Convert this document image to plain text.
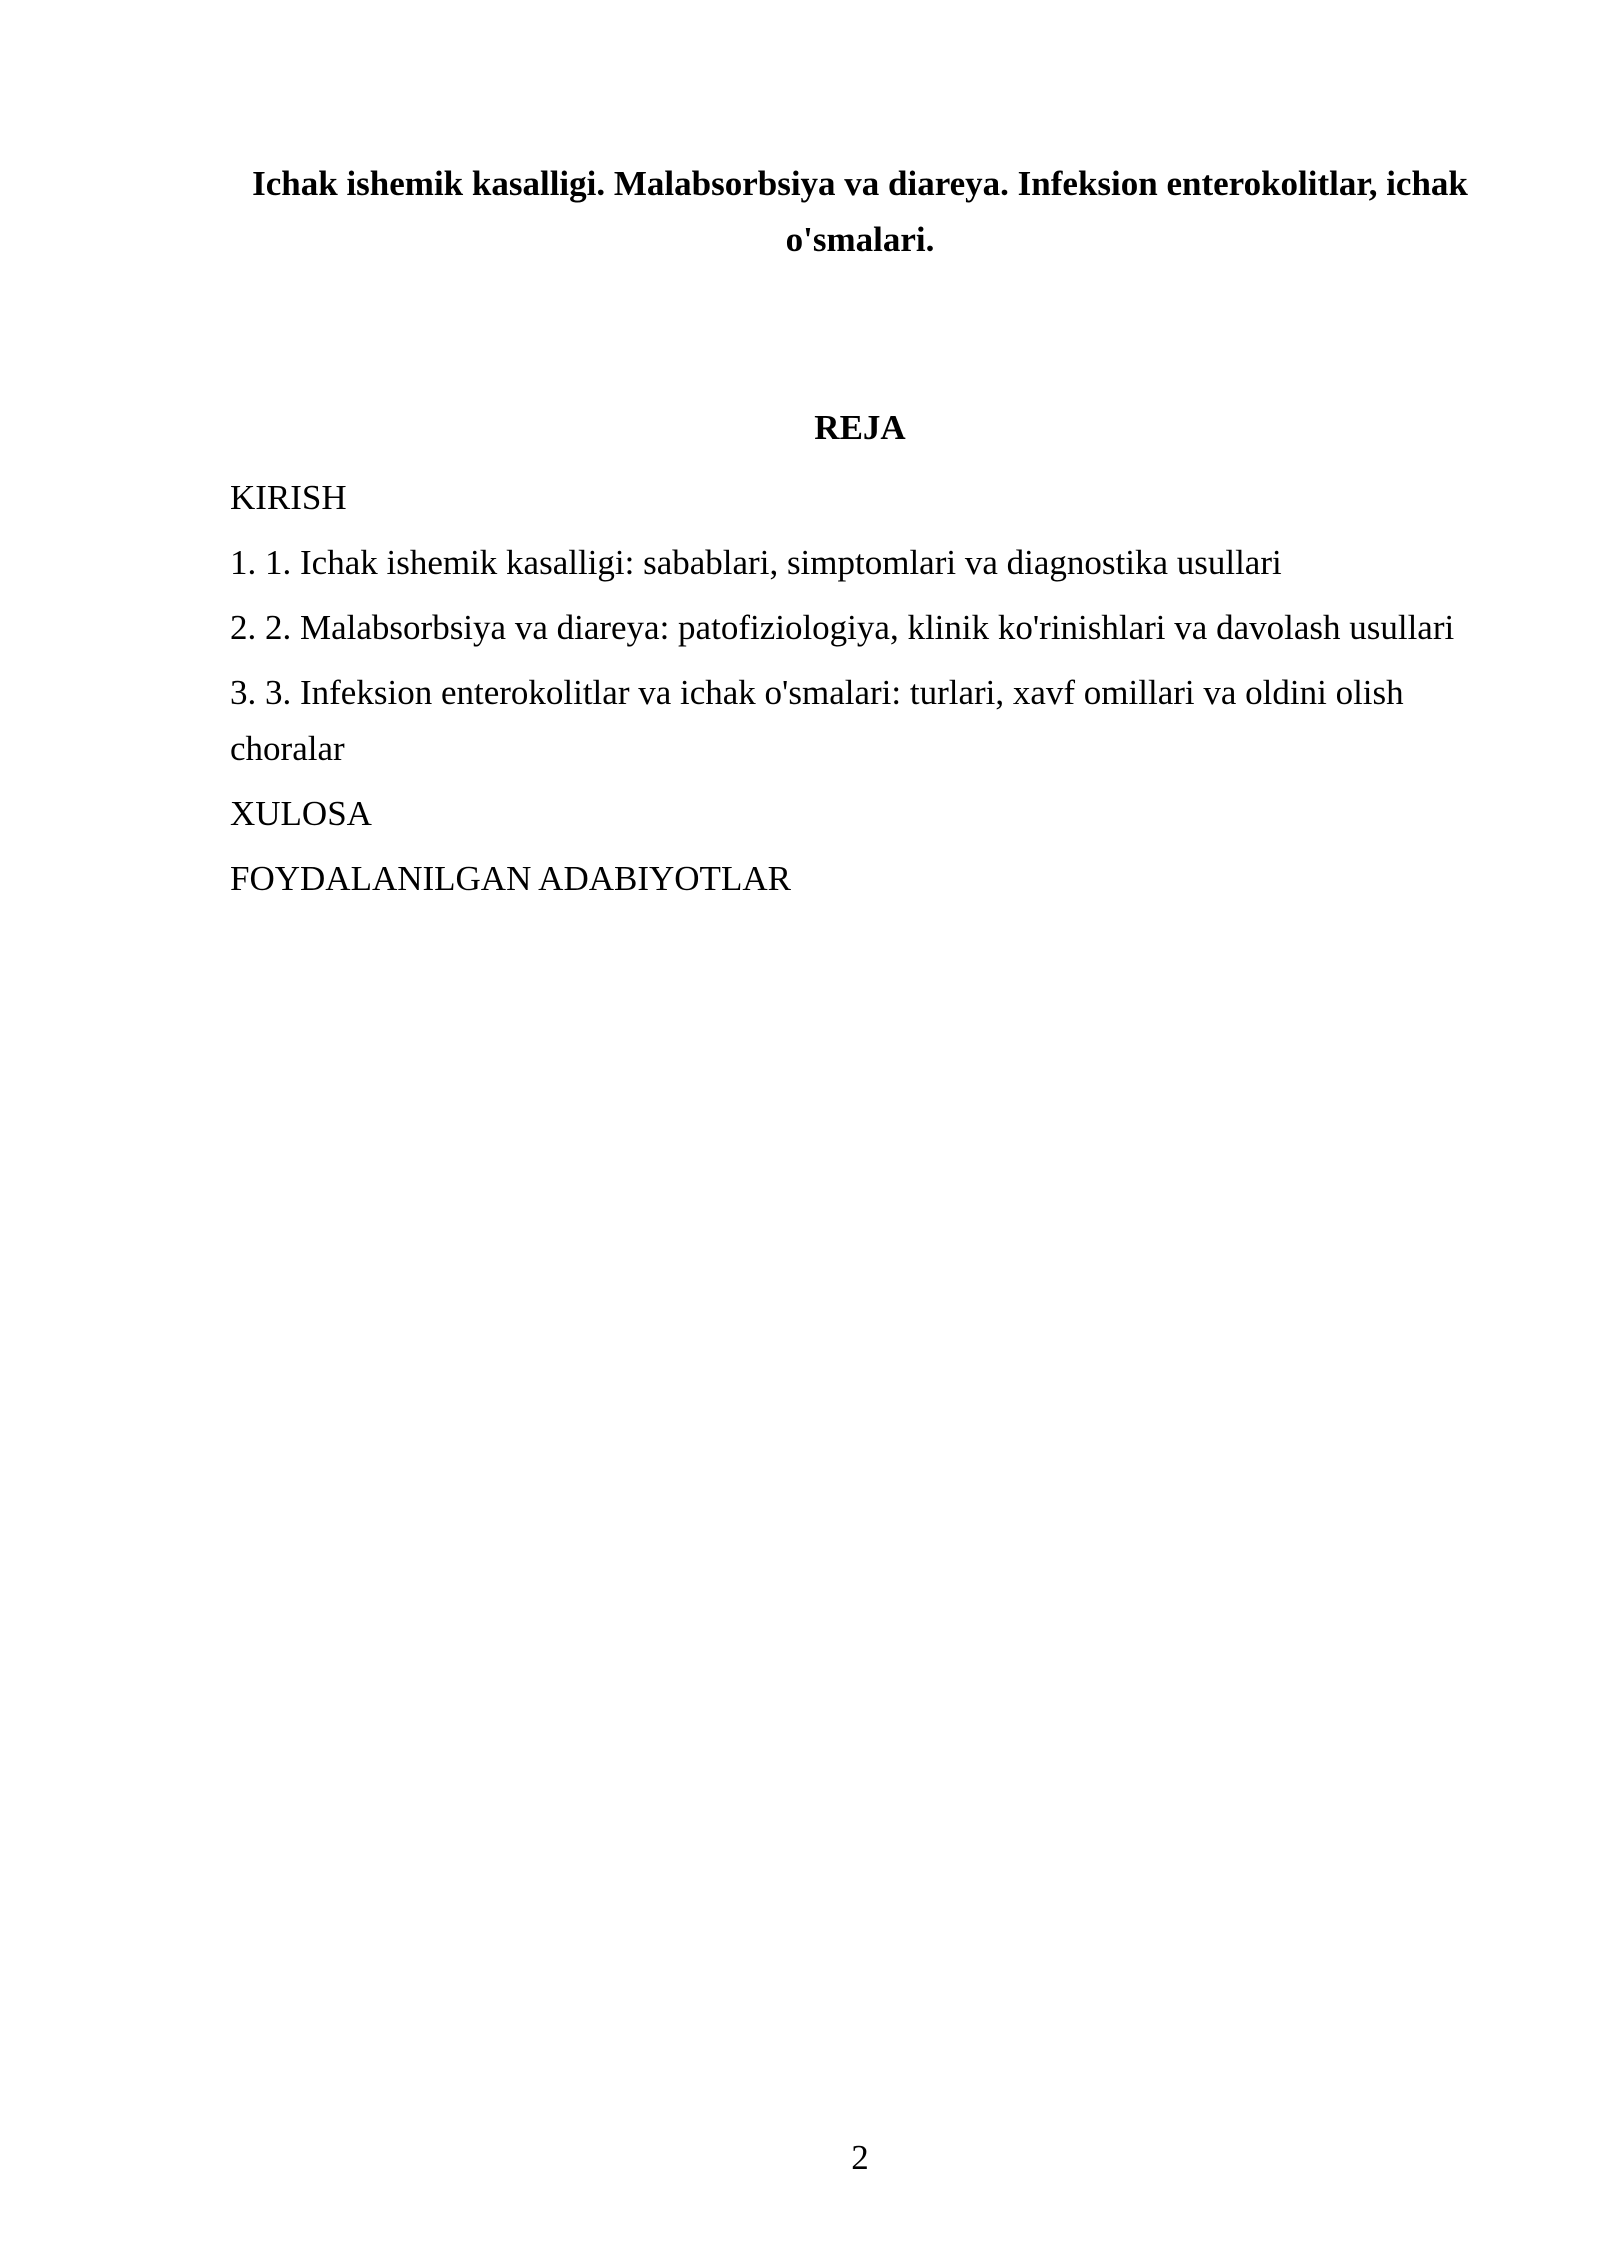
Ichak ishemik kasalligi. Malabsorbsiya va diareya. Infeksion enterokolitlar, ichak o'smalari.
REJA
KIRISH
1. 1. Ichak ishemik kasalligi: sabablari, simptomlari va diagnostika usullari
2. 2. Malabsorbsiya va diareya: patofiziologiya, klinik ko'rinishlari va davolash usullari
3. 3. Infeksion enterokolitlar va ichak o'smalari: turlari, xavf omillari va oldini olish choralar
XULOSA
FOYDALANILGAN ADABIYOTLAR
2
